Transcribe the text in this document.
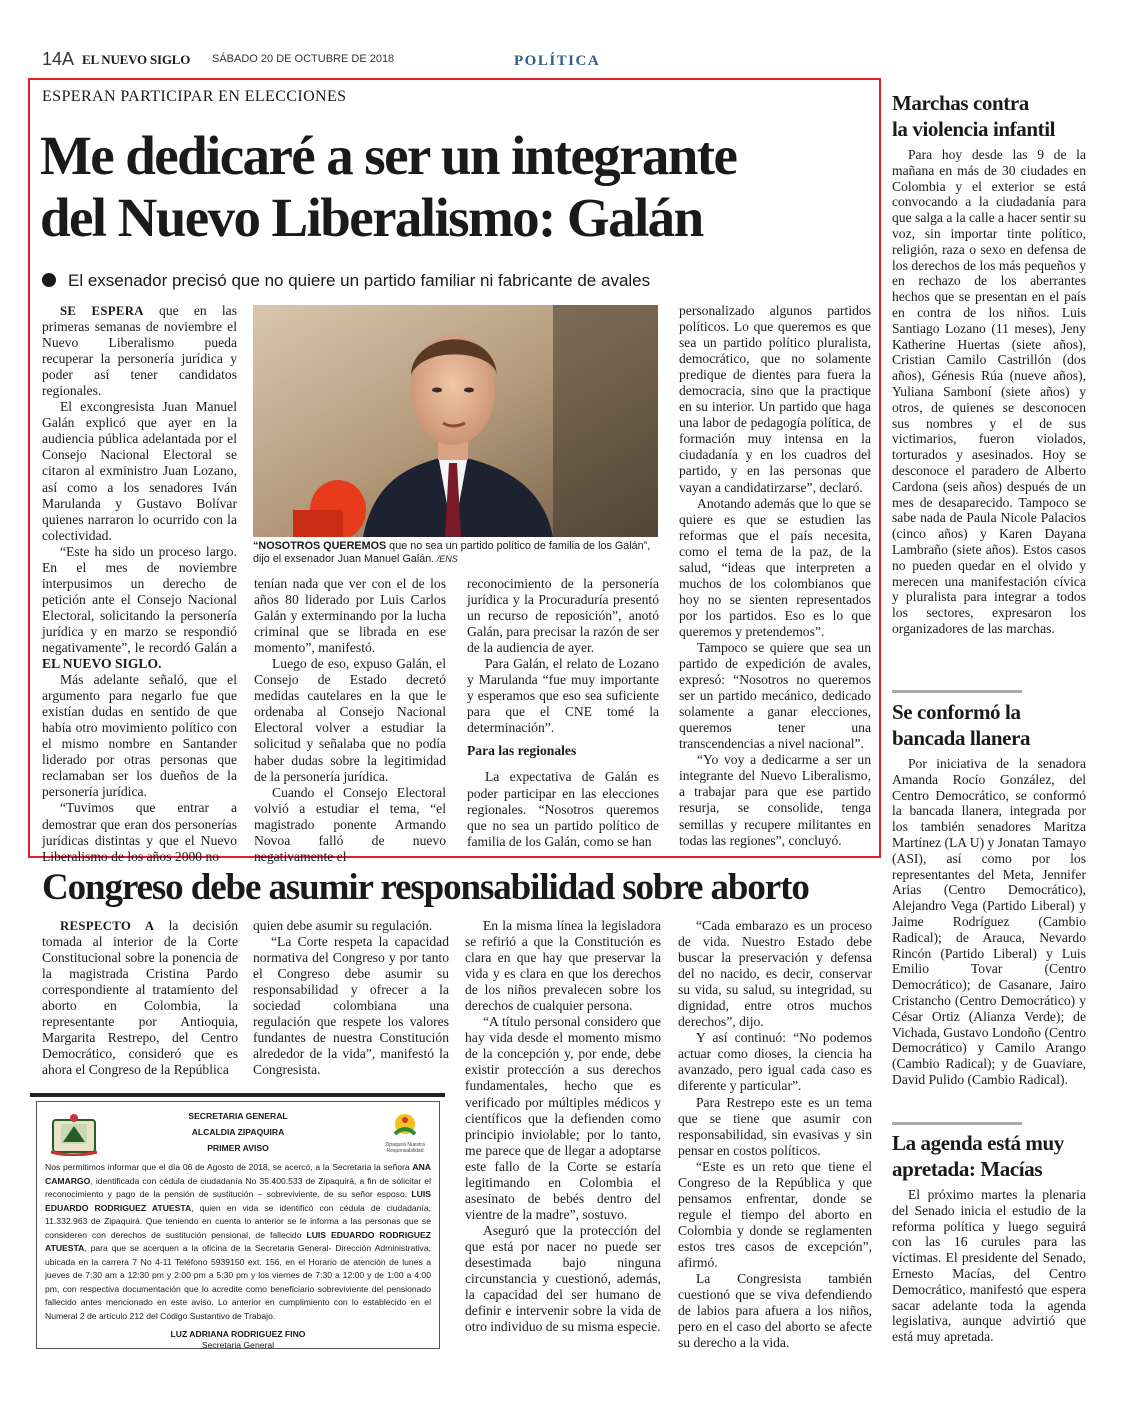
14A EL NUEVO SIGLO SÁBADO 20 DE OCTUBRE DE 2018	POLÍTICA
ESPERAN PARTICIPAR EN ELECCIONES
Me dedicaré a ser un integrante
del Nuevo Liberalismo: Galán
El exsenador precisó que no quiere un partido familiar ni fabricante de avales
“NOSOTROS QUEREMOS que no sea un partido político de familia de los Galán”, dijo el exsenador Juan Manuel Galán. /ENS

SE ESPERA que en las primeras semanas de noviembre el Nuevo Liberalismo pueda recuperar la personería jurídica y poder así tener candidatos regionales.

El excongresista Juan Manuel Galán explicó que ayer en la audiencia pública adelantada por el Consejo Nacional Electoral se citaron al exministro Juan Lozano, así como a los senadores Iván Marulanda y Gustavo Bolívar quienes narraron lo ocurrido con la colectividad.

“Este ha sido un proceso largo. En el mes de noviembre interpusimos un derecho de petición ante el Consejo Nacional Electoral, solicitando la personería jurídica y en marzo se respondió negativamente”, le recordó Galán a EL NUEVO SIGLO.

Más adelante señaló, que el argumento para negarlo fue que existían dudas en sentido de que había otro movimiento político con el mismo nombre en Santander liderado por otras personas que reclamaban ser los dueños de la personería jurídica.

“Tuvimos que entrar a demostrar que eran dos personerías jurídicas distintas y que el Nuevo Liberalismo de los años 2000 no

tenían nada que ver con el de los años 80 liderado por Luis Carlos Galán y exterminando por la lucha criminal que se librada en ese momento”, manifestó.

Luego de eso, expuso Galán, el Consejo de Estado decretó medidas cautelares en la que le ordenaba al Consejo Nacional Electoral volver a estudiar la solicitud y señalaba que no podía haber dudas sobre la legitimidad de la personería jurídica.

Cuando el Consejo Electoral volvió a estudiar el tema, “el magistrado ponente Armando Novoa falló de nuevo negativamente el

reconocimiento de la personería jurídica y la Procuraduría presentó un recurso de reposición”, anotó Galán, para precisar la razón de ser de la audiencia de ayer.

Para Galán, el relato de Lozano y Marulanda “fue muy importante y esperamos que eso sea suficiente para que el CNE tomé la determinación”.

Para las regionales

La expectativa de Galán es poder participar en las elecciones regionales. “Nosotros queremos que no sea un partido político de familia de los Galán, como se han

personalizado algunos partidos políticos. Lo que queremos es que sea un partido político pluralista, democrático, que no solamente predique de dientes para fuera la democracia, sino que la practique en su interior. Un partido que haga una labor de pedagogía política, de formación muy intensa en la ciudadanía y en los cuadros del partido, y en las personas que vayan a candidatirzarse”, declaró.

Anotando además que lo que se quiere es que se estudien las reformas que el país necesita, como el tema de la paz, de la salud, “ideas que interpreten a muchos de los colombianos que hoy no se sienten representados por los partidos. Eso es lo que queremos y pretendemos”.

Tampoco se quiere que sea un partido de expedición de avales, expresó: “Nosotros no queremos ser un partido mecánico, dedicado solamente a ganar elecciones, queremos tener una transcendencias a nivel nacional”.

“Yo voy a dedicarme a ser un integrante del Nuevo Liberalismo, a trabajar para que ese partido resurja, se consolide, tenga semillas y recupere militantes en todas las regiones”, concluyó.

Congreso debe asumir responsabilidad sobre aborto

RESPECTO A la decisión tomada al interior de la Corte Constitucional sobre la ponencia de la magistrada Cristina Pardo correspondiente al tratamiento del aborto en Colombia, la representante por Antioquia, Margarita Restrepo, del Centro Democrático, consideró que es ahora el Congreso de la República

quien debe asumir su regulación.

“La Corte respeta la capacidad normativa del Congreso y por tanto el Congreso debe asumir su responsabilidad y ofrecer a la sociedad colombiana una regulación que respete los valores fundantes de nuestra Constitución alrededor de la vida”, manifestó la Congresista.

En la misma línea la legisladora se refirió a que la Constitución es clara en que hay que preservar la vida y es clara en que los derechos de los niños prevalecen sobre los derechos de cualquier persona.

“A título personal considero que hay vida desde el momento mismo de la concepción y, por ende, debe existir protección a sus derechos fundamentales, hecho que es verificado por múltiples médicos y científicos que la defienden como principio inviolable; por lo tanto, me parece que de llegar a adoptarse este fallo de la Corte se estaría legitimando en Colombia el asesinato de bebés dentro del vientre de la madre”, sostuvo.

Aseguró que la protección del que está por nacer no puede ser desestimada bajo ninguna circunstancia y cuestionó, además, la capacidad del ser humano de definir e intervenir sobre la vida de otro individuo de su misma especie.

“Cada embarazo es un proceso de vida. Nuestro Estado debe buscar la preservación y defensa del no nacido, es decir, conservar su vida, su salud, su integridad, su dignidad, entre otros muchos derechos”, dijo.

Y así continuó: “No podemos actuar como dioses, la ciencia ha avanzado, pero igual cada caso es diferente y particular”.

Para Restrepo este es un tema que se tiene que asumir con responsabilidad, sin evasivas y sin pensar en costos políticos.

“Este es un reto que tiene el Congreso de la República y que pensamos enfrentar, donde se regule el tiempo del aborto en Colombia y donde se reglamenten estos tres casos de excepción”, afirmó.

La Congresista también cuestionó que se viva defendiendo de labios para afuera a los niños, pero en el caso del aborto se afecte su derecho a la vida.

Zipaquirá Nuestra Responsabilidad
SECRETARIA GENERAL
ALCALDIA ZIPAQUIRA
PRIMER AVISO

Nos permitimos informar que el día 06 de Agosto de 2018, se acercó, a la Secretaria la señora ANA CAMARGO, identificada con cédula de ciudadanía No 35.400.533 de Zipaquirá, a fin de solicitar el reconocimiento y pago de la pensión de sustitución – sobreviviente, de su señor esposo, LUIS EDUARDO RODRIGUEZ ATUESTA, quien en vida se identificó con cédula de ciudadanía, 11.332.963 de Zipaquirá. Que teniendo en cuenta lo anterior se le informa a las personas que se consideren con derechos de sustitución pensional, de fallecido LUIS EDUARDO RODRIGUEZ ATUESTA, para que se acerquen a la oficina de la Secretaria General- Dirección Administrativa, ubicada en la carrera 7 No 4-11 Teléfono 5939150 ext. 156, en el Horario de atención de lunes a jueves de 7:30 am a 12:30 pm y 2:00 pm a 5:30 pm y los viernes de 7:30 a 12:00 y de 1:00 a 4:00 pm, con respectiva documentación que lo acredite como beneficiario sobreviviente del pensionado fallecido antes mencionado en este aviso. Lo anterior en cumplimiento con lo establecido en el Numeral 2 de artículo 212 del Código Sustantivo de Trabajo.

LUZ ADRIANA RODRIGUEZ FINO
Secretaria General
Marchas contra
la violencia infantil

Para hoy desde las 9 de la mañana en más de 30 ciudades en Colombia y el exterior se está convocando a la ciudadanía para que salga a la calle a hacer sentir su voz, sin importar tinte político, religión, raza o sexo en defensa de los derechos de los más pequeños y en rechazo de los aberrantes hechos que se presentan en el país en contra de los niños. Luis Santiago Lozano (11 meses), Jeny Katherine Huertas (siete años), Cristian Camilo Castrillón (dos años), Génesis Rúa (nueve años), Yuliana Samboní (siete años) y otros, de quienes se desconocen sus nombres y el de sus victimarios, fueron violados, torturados y asesinados. Hoy se desconoce el paradero de Alberto Cardona (seis años) después de un mes de desaparecido. Tampoco se sabe nada de Paula Nicole Palacios (cinco años) y Karen Dayana Lambraño (siete años). Estos casos no pueden quedar en el olvido y merecen una manifestación cívica y pluralista para integrar a todos los sectores, expresaron los organizadores de las marchas.

Se conformó la
bancada llanera

Por iniciativa de la senadora Amanda Rocío González, del Centro Democrático, se conformó la bancada llanera, integrada por los también senadores Maritza Martínez (LA U) y Jonatan Tamayo (ASI), así como por los representantes del Meta, Jennifer Arias (Centro Democrático), Alejandro Vega (Partido Liberal) y Jaime Rodríguez (Cambio Radical); de Arauca, Nevardo Rincón (Partido Liberal) y Luis Emilio Tovar (Centro Democrático); de Casanare, Jairo Cristancho (Centro Democrático) y César Ortiz (Alianza Verde); de Vichada, Gustavo Londoño (Centro Democrático) y Camilo Arango (Cambio Radical); y de Guaviare, David Pulido (Cambio Radical).

La agenda está muy
apretada: Macías

El próximo martes la plenaria del Senado inicia el estudio de la reforma política y luego seguirá con las 16 curules para las víctimas. El presidente del Senado, Ernesto Macías, del Centro Democrático, manifestó que espera sacar adelante toda la agenda legislativa, aunque advirtió que está muy apretada.
